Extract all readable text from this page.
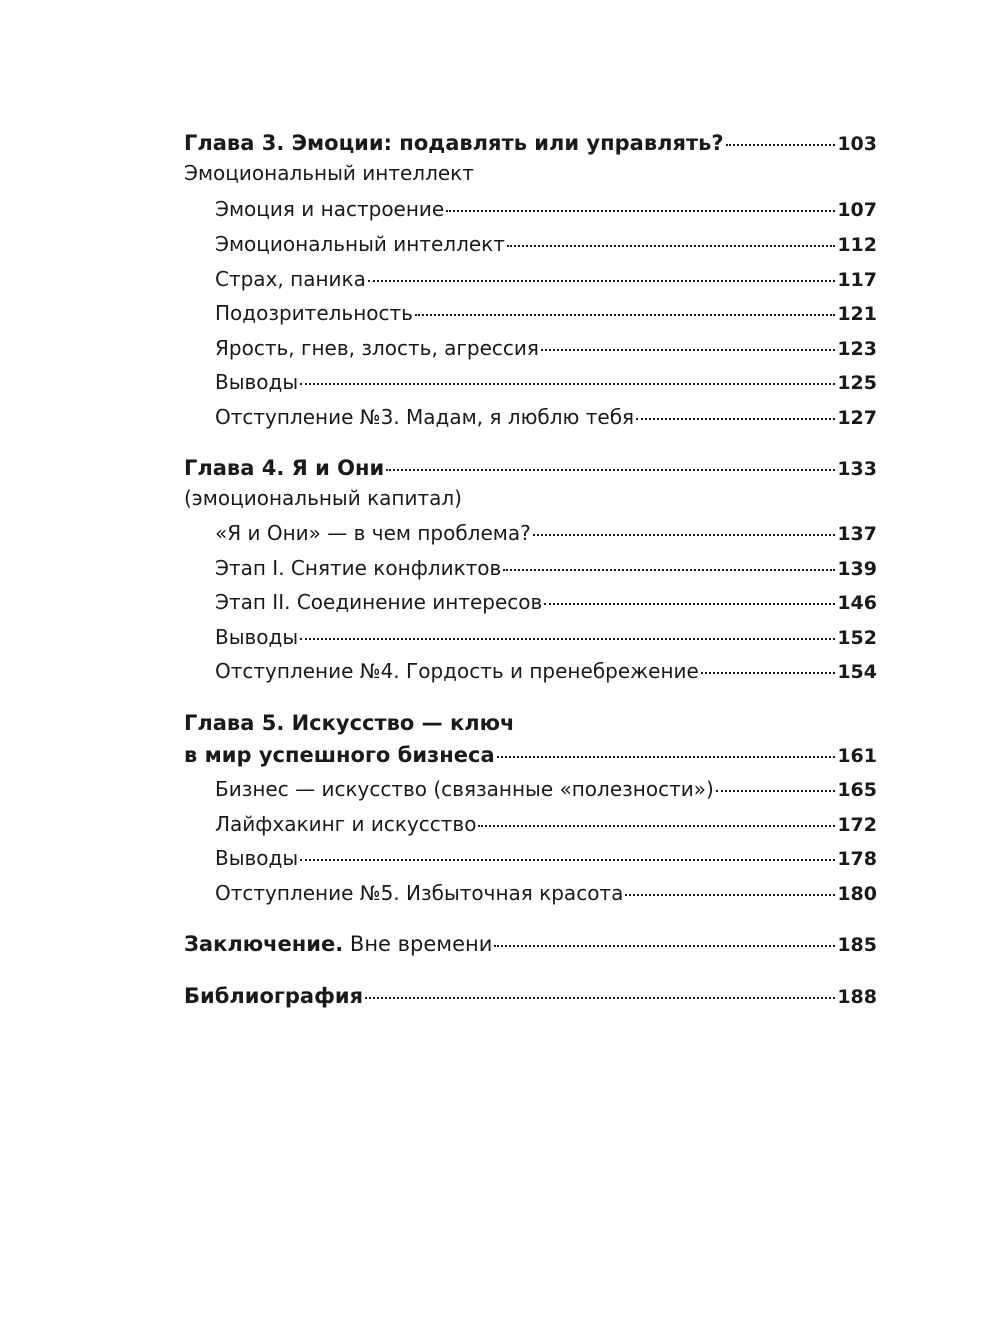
Глава 3. Эмоции: подавлять или управлять?	103
Эмоциональный интеллект
Эмоция и настроение	107
Эмоциональный интеллект	112
Страх, паника	117
Подозрительность	121
Ярость, гнев, злость, агрессия	123
Выводы	125
Отступление №3. Мадам, я люблю тебя	127
Глава 4. Я и Они	133
(эмоциональный капитал)
«Я и Они» — в чем проблема?	137
Этап I. Снятие конфликтов	139
Этап II. Соединение интересов	146
Выводы	152
Отступление №4. Гордость и пренебрежение	154
Глава 5. Искусство — ключ
в мир успешного бизнеса	161
Бизнес — искусство (связанные «полезности»)	165
Лайфхакинг и искусство	172
Выводы	178
Отступление №5. Избыточная красота	180
Заключение. Вне времени	185
Библиография	188
